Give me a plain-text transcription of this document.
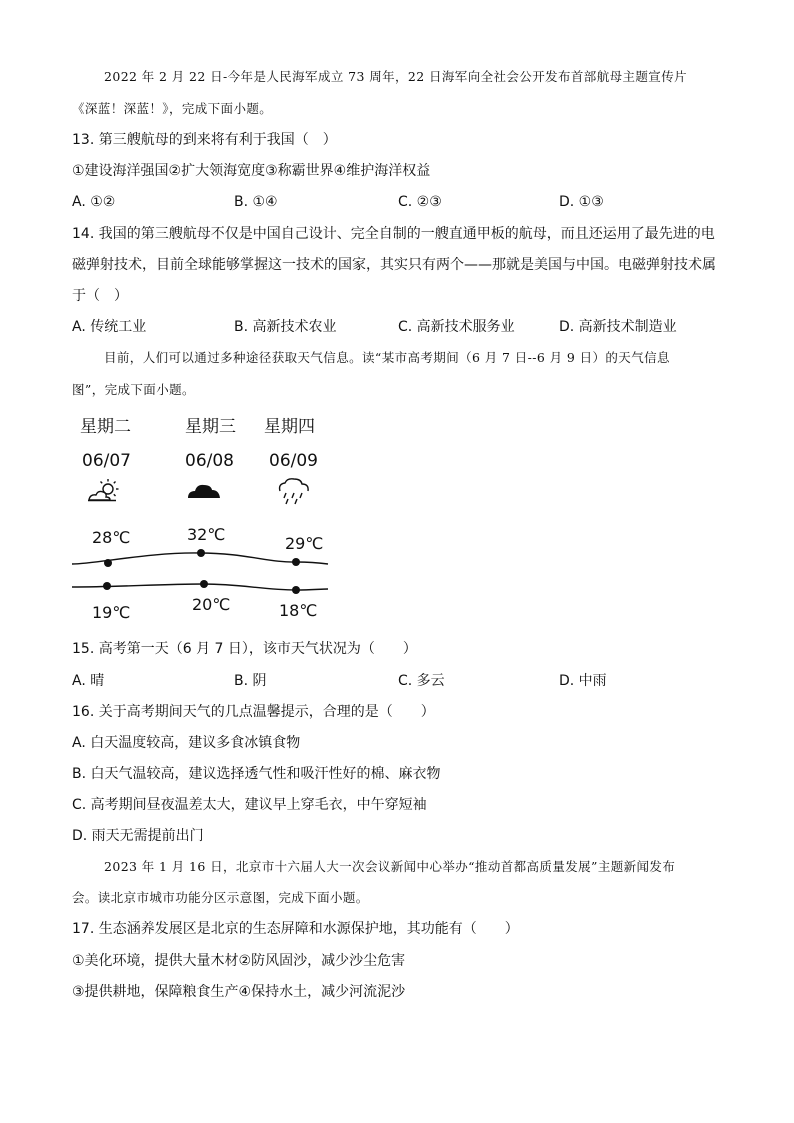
2022 年 2 月 22 日-今年是人民海军成立 73 周年，22 日海军向全社会公开发布首部航母主题宣传片
《深蓝！深蓝！》，完成下面小题。
13. 第三艘航母的到来将有利于我国（　）
①建设海洋强国②扩大领海宽度③称霸世界④维护海洋权益
A. ①②	B. ①④	C. ②③	D. ①③
14. 我国的第三艘航母不仅是中国自己设计、完全自制的一艘直通甲板的航母，而且还运用了最先进的电
磁弹射技术，目前全球能够掌握这一技术的国家，其实只有两个——那就是美国与中国。电磁弹射技术属
于（　）
A. 传统工业	B. 高新技术农业	C. 高新技术服务业	D. 高新技术制造业
目前，人们可以通过多种途径获取天气信息。读“某市高考期间（6 月 7 日--6 月 9 日）的天气信息
图”，完成下面小题。
星期二	星期三 星期四
06/07	06/08 06/09
28℃	32℃	29℃
19℃	20℃	18℃
15. 高考第一天（6 月 7 日），该市天气状况为（　　）
A. 晴	B. 阴	C. 多云	D. 中雨
16. 关于高考期间天气的几点温馨提示，合理的是（　　）
A. 白天温度较高，建议多食冰镇食物
B. 白天气温较高，建议选择透气性和吸汗性好的棉、麻衣物
C. 高考期间昼夜温差太大，建议早上穿毛衣，中午穿短袖
D. 雨天无需提前出门
2023 年 1 月 16 日，北京市十六届人大一次会议新闻中心举办“推动首都高质量发展”主题新闻发布
会。读北京市城市功能分区示意图，完成下面小题。
17. 生态涵养发展区是北京的生态屏障和水源保护地，其功能有（　　）
①美化环境，提供大量木材②防风固沙，减少沙尘危害
③提供耕地，保障粮食生产④保持水土，减少河流泥沙
